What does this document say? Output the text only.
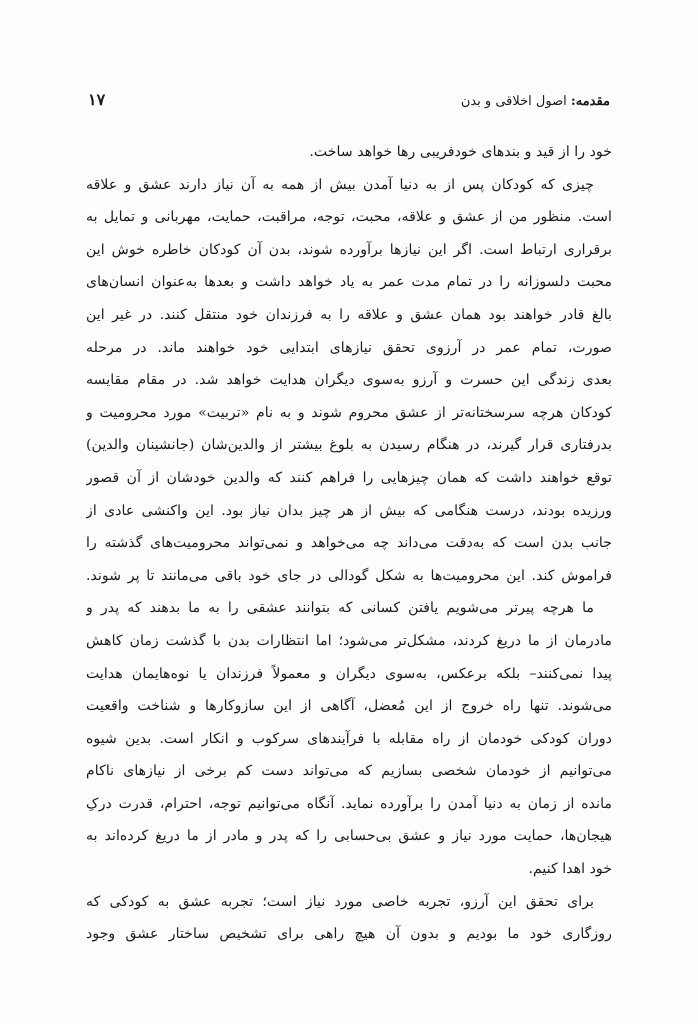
مقدمه: اصول اخلاقی و بدن
۱۷
خود را از قید و بندهای خودفریبی رها خواهد ساخت.
چیزی که کودکان پس از به دنیا آمدن بیش از همه به آن نیاز دارند عشق و علاقه
است. منظور من از عشق و علاقه، محبت، توجه، مراقبت، حمایت، مهربانی و تمایل به
برقراری ارتباط است. اگر این نیازها برآورده شوند، بدن آن کودکان خاطره خوش این
محبت دلسوزانه را در تمام مدت عمر به یاد خواهد داشت و بعدها به‌عنوان انسان‌های
بالغ قادر خواهند بود همان عشق و علاقه را به فرزندان خود منتقل کنند. در غیر این
صورت، تمام عمر در آرزوی تحقق نیازهای ابتدایی خود خواهند ماند. در مرحله
بعدی زندگی این حسرت و آرزو به‌سوی دیگران هدایت خواهد شد. در مقام مقایسه
کودکان هرچه سرسختانه‌تر از عشق محروم شوند و به نام «تربیت» مورد محرومیت و
بدرفتاری قرار گیرند، در هنگام رسیدن به بلوغ بیشتر از والدین‌شان (جانشینان والدین)
توقع خواهند داشت که همان چیزهایی را فراهم کنند که والدین خودشان از آن قصور
ورزیده بودند، درست هنگامی که بیش از هر چیز بدان نیاز بود. این واکنشی عادی از
جانب بدن است که به‌دقت می‌داند چه می‌خواهد و نمی‌تواند محرومیت‌های گذشته را
فراموش کند. این محرومیت‌ها به شکل گودالی در جای خود باقی می‌مانند تا پر شوند.
ما هرچه پیرتر می‌شویم یافتن کسانی که بتوانند عشقی را به ما بدهند که پدر و
مادرمان از ما دریغ کردند، مشکل‌تر می‌شود؛ اما انتظارات بدن با گذشت زمان کاهش
پیدا نمی‌کنند– بلکه برعکس، به‌سوی دیگران و معمولاً فرزندان یا نوه‌هایمان هدایت
می‌شوند. تنها راه خروج از این مُعضل، آگاهی از این سازوکارها و شناخت واقعیت
دوران کودکی خودمان از راه مقابله با فرآیندهای سرکوب و انکار است. بدین شیوه
می‌توانیم از خودمان شخصی بسازیم که می‌تواند دست کم برخی از نیازهای ناکام
مانده از زمان به دنیا آمدن را برآورده نماید. آنگاه می‌توانیم توجه، احترام، قدرت درکِ
هیجان‌ها، حمایت مورد نیاز و عشق بی‌حسابی را که پدر و مادر از ما دریغ کرده‌اند به
خود اهدا کنیم.
برای تحقق این آرزو، تجربه خاصی مورد نیاز است؛ تجربه عشق به کودکی که
روزگاری خود ما بودیم و بدون آن هیچ راهی برای تشخیص ساختار عشق وجود
